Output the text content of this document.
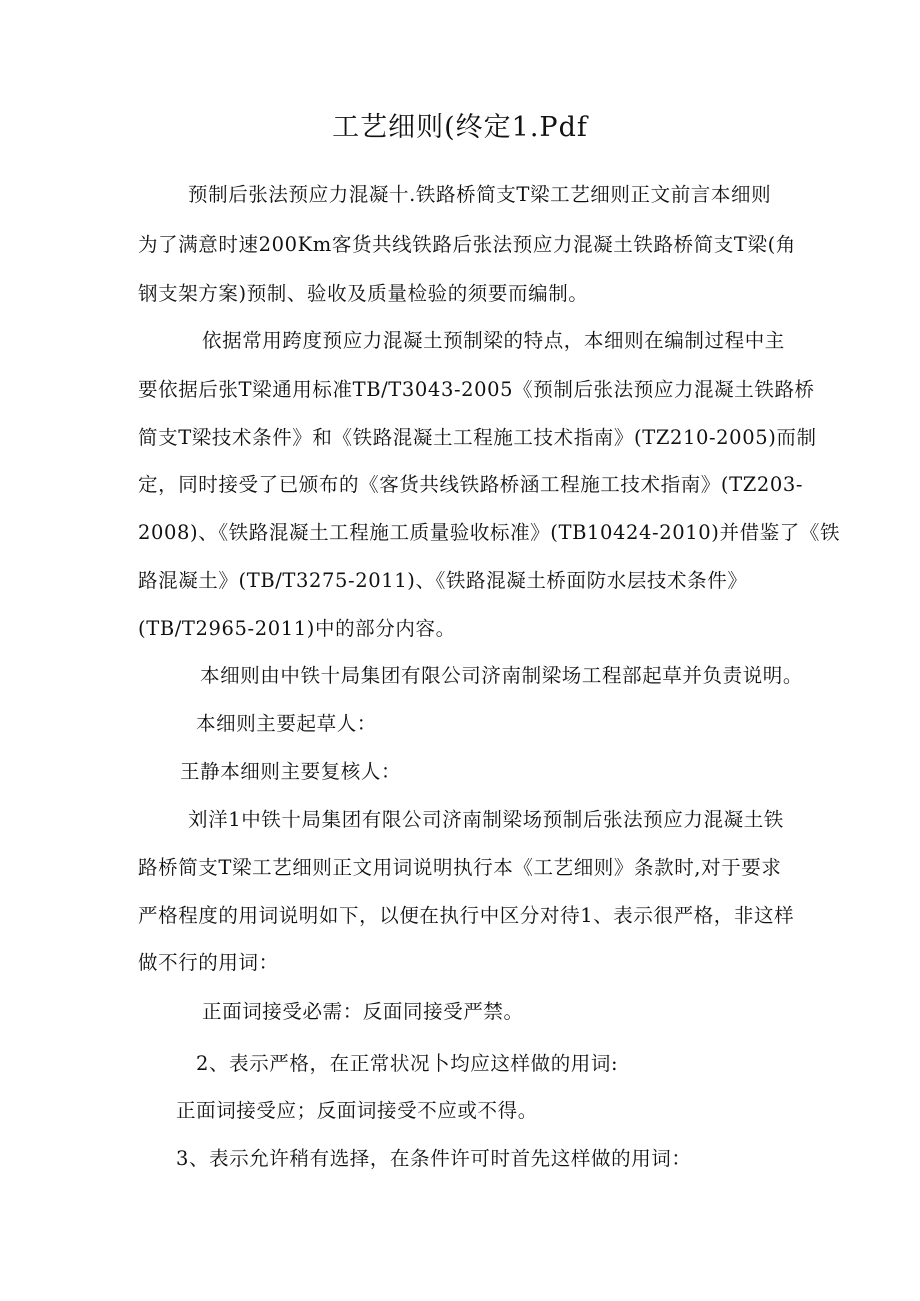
工艺细则(终定1.Pdf
预制后张法预应力混凝十.铁路桥简支T梁工艺细则正文前言本细则
为了满意时速200Km客货共线铁路后张法预应力混凝土铁路桥简支T梁(角
钢支架方案)预制、验收及质量检验的须要而编制。
依据常用跨度预应力混凝土预制梁的特点，本细则在编制过程中主
要依据后张T梁通用标准TB/T3043-2005《预制后张法预应力混凝土铁路桥
简支T梁技术条件》和《铁路混凝土工程施工技术指南》(TZ210-2005)而制
定，同时接受了已颁布的《客货共线铁路桥涵工程施工技术指南》(TZ203-
2008)、《铁路混凝土工程施工质量验收标准》(TB10424-2010)并借鉴了《铁
路混凝土》(TB/T3275-2011)、《铁路混凝土桥面防水层技术条件》
(TB/T2965-2011)中的部分内容。
本细则由中铁十局集团有限公司济南制梁场工程部起草并负责说明。
本细则主要起草人：
王静本细则主要复核人：
刘洋1中铁十局集团有限公司济南制梁场预制后张法预应力混凝土铁
路桥简支T梁工艺细则正文用词说明执行本《工艺细则》条款时,对于要求
严格程度的用词说明如下，以便在执行中区分对待1、表示很严格，非这样
做不行的用词：
正面词接受必需：反面同接受严禁。
2、表示严格，在正常状况卜均应这样做的用词:
正面词接受应；反面词接受不应或不得。
3、表示允许稍有选择，在条件许可时首先这样做的用词：
